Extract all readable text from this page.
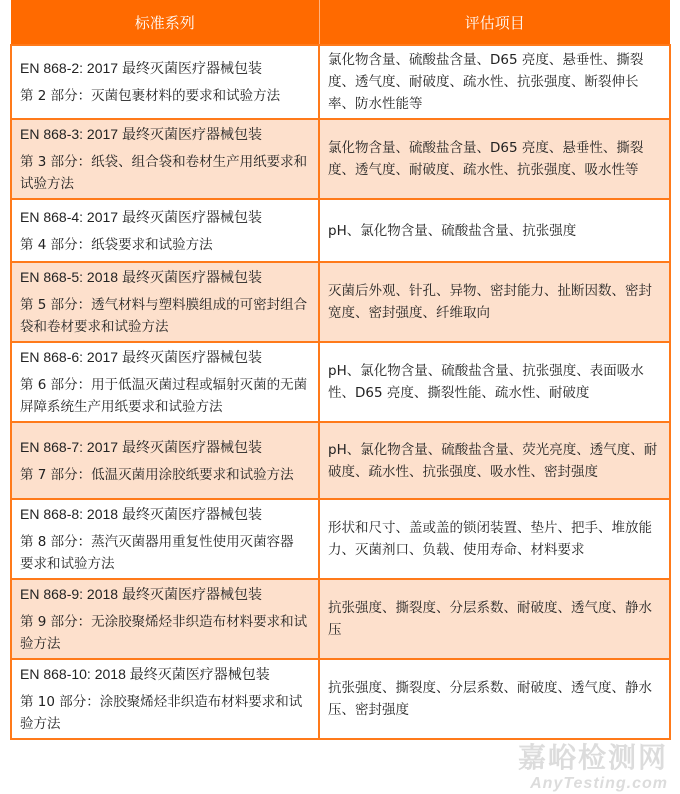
标准系列	评估项目

EN 868-2: 2017 最终灭菌医疗器械包装
第 2 部分：灭菌包裹材料的要求和试验方法	氯化物含量、硫酸盐含量、D65 亮度、悬垂性、撕裂度、透气度、耐破度、疏水性、抗张强度、断裂伸长率、防水性能等

EN 868-3: 2017 最终灭菌医疗器械包装
第 3 部分：纸袋、组合袋和卷材生产用纸要求和试验方法	氯化物含量、硫酸盐含量、D65 亮度、悬垂性、撕裂度、透气度、耐破度、疏水性、抗张强度、吸水性等

EN 868-4: 2017 最终灭菌医疗器械包装
第 4 部分：纸袋要求和试验方法	pH、氯化物含量、硫酸盐含量、抗张强度

EN 868-5: 2018 最终灭菌医疗器械包装
第 5 部分：透气材料与塑料膜组成的可密封组合袋和卷材要求和试验方法	灭菌后外观、针孔、异物、密封能力、扯断因数、密封宽度、密封强度、纤维取向

EN 868-6: 2017 最终灭菌医疗器械包装
第 6 部分：用于低温灭菌过程或辐射灭菌的无菌屏障系统生产用纸要求和试验方法	pH、氯化物含量、硫酸盐含量、抗张强度、表面吸水性、D65 亮度、撕裂性能、疏水性、耐破度

EN 868-7: 2017 最终灭菌医疗器械包装
第 7 部分：低温灭菌用涂胶纸要求和试验方法	pH、氯化物含量、硫酸盐含量、荧光亮度、透气度、耐破度、疏水性、抗张强度、吸水性、密封强度

EN 868-8: 2018 最终灭菌医疗器械包装
第 8 部分：蒸汽灭菌器用重复性使用灭菌容器 要求和试验方法	形状和尺寸、盖或盖的锁闭装置、垫片、把手、堆放能力、灭菌剂口、负载、使用寿命、材料要求

EN 868-9: 2018 最终灭菌医疗器械包装
第 9 部分：无涂胶聚烯烃非织造布材料要求和试验方法	抗张强度、撕裂度、分层系数、耐破度、透气度、静水压

EN 868-10: 2018 最终灭菌医疗器械包装
第 10 部分：涂胶聚烯烃非织造布材料要求和试验方法	抗张强度、撕裂度、分层系数、耐破度、透气度、静水压、密封强度
嘉峪检测网
AnyTesting.com
